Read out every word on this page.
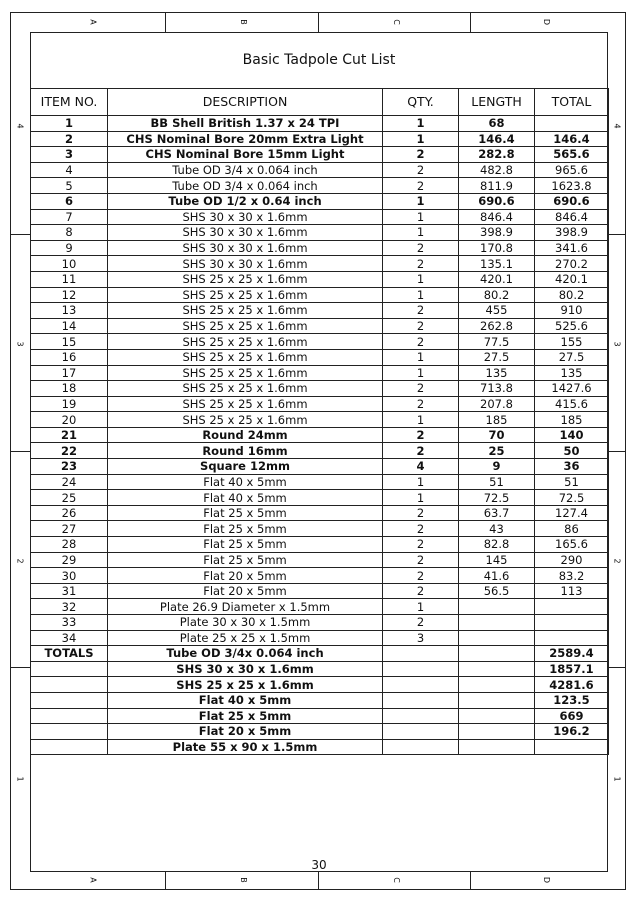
A	B	C	D
A	B	C	D
4
3
2
1
4
3
2
1
Basic Tadpole Cut List
ITEM NO.	DESCRIPTION	QTY.	LENGTH	TOTAL
1	BB Shell British 1.37 x 24 TPI	1	68	
2	CHS Nominal Bore 20mm Extra Light	1	146.4	146.4
3	CHS Nominal Bore 15mm Light	2	282.8	565.6
4	Tube OD 3/4 x 0.064 inch	2	482.8	965.6
5	Tube OD 3/4 x 0.064 inch	2	811.9	1623.8
6	Tube OD 1/2 x 0.64 inch	1	690.6	690.6
7	SHS 30 x 30 x 1.6mm	1	846.4	846.4
8	SHS 30 x 30 x 1.6mm	1	398.9	398.9
9	SHS 30 x 30 x 1.6mm	2	170.8	341.6
10	SHS 30 x 30 x 1.6mm	2	135.1	270.2
11	SHS 25 x 25 x 1.6mm	1	420.1	420.1
12	SHS 25 x 25 x 1.6mm	1	80.2	80.2
13	SHS 25 x 25 x 1.6mm	2	455	910
14	SHS 25 x 25 x 1.6mm	2	262.8	525.6
15	SHS 25 x 25 x 1.6mm	2	77.5	155
16	SHS 25 x 25 x 1.6mm	1	27.5	27.5
17	SHS 25 x 25 x 1.6mm	1	135	135
18	SHS 25 x 25 x 1.6mm	2	713.8	1427.6
19	SHS 25 x 25 x 1.6mm	2	207.8	415.6
20	SHS 25 x 25 x 1.6mm	1	185	185
21	Round 24mm	2	70	140
22	Round 16mm	2	25	50
23	Square 12mm	4	9	36
24	Flat 40 x 5mm	1	51	51
25	Flat 40 x 5mm	1	72.5	72.5
26	Flat 25 x 5mm	2	63.7	127.4
27	Flat 25 x 5mm	2	43	86
28	Flat 25 x 5mm	2	82.8	165.6
29	Flat 25 x 5mm	2	145	290
30	Flat 20 x 5mm	2	41.6	83.2
31	Flat 20 x 5mm	2	56.5	113
32	Plate 26.9 Diameter x 1.5mm	1		
33	Plate 30 x 30 x 1.5mm	2		
34	Plate 25 x 25 x 1.5mm	3		
TOTALS	Tube OD 3/4x 0.064 inch			2589.4
	SHS 30 x 30 x 1.6mm			1857.1
	SHS 25 x 25 x 1.6mm			4281.6
	Flat 40 x 5mm			123.5
	Flat 25 x 5mm			669
	Flat 20 x 5mm			196.2
	Plate 55 x 90 x 1.5mm			
30
